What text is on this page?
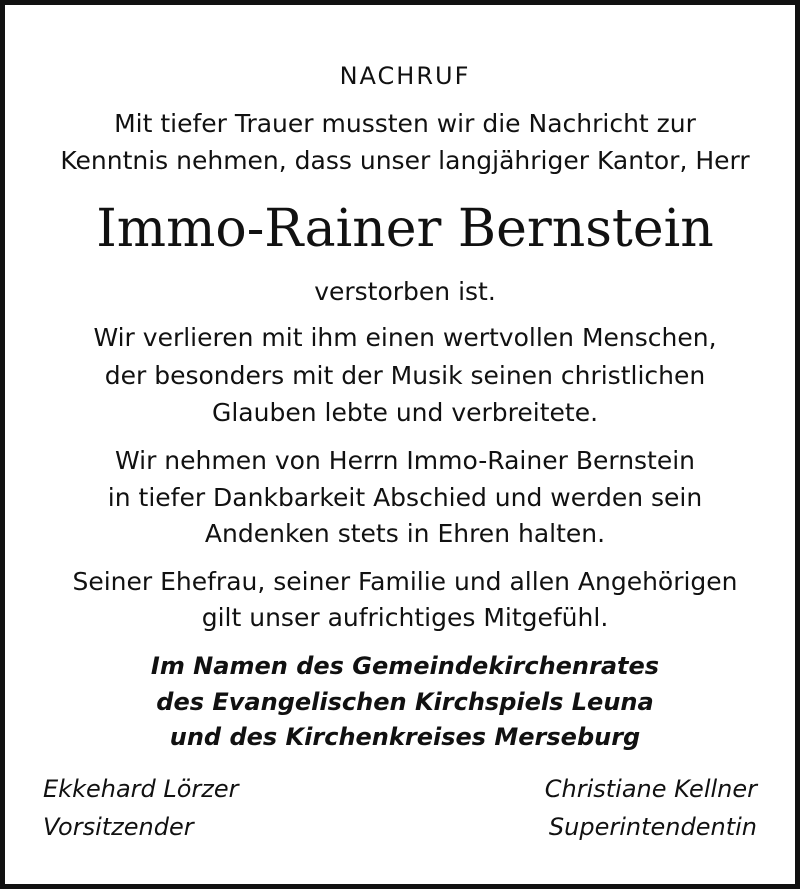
NACHRUF
Mit tiefer Trauer mussten wir die Nachricht zur
Kenntnis nehmen, dass unser langjähriger Kantor, Herr
Immo-Rainer Bernstein
verstorben ist.
Wir verlieren mit ihm einen wertvollen Menschen,
der besonders mit der Musik seinen christlichen
Glauben lebte und verbreitete.
Wir nehmen von Herrn Immo-Rainer Bernstein
in tiefer Dankbarkeit Abschied und werden sein
Andenken stets in Ehren halten.
Seiner Ehefrau, seiner Familie und allen Angehörigen
gilt unser aufrichtiges Mitgefühl.
Im Namen des Gemeindekirchenrates
des Evangelischen Kirchspiels Leuna
und des Kirchenkreises Merseburg
Ekkehard Lörzer
Vorsitzender
Christiane Kellner
Superintendentin
